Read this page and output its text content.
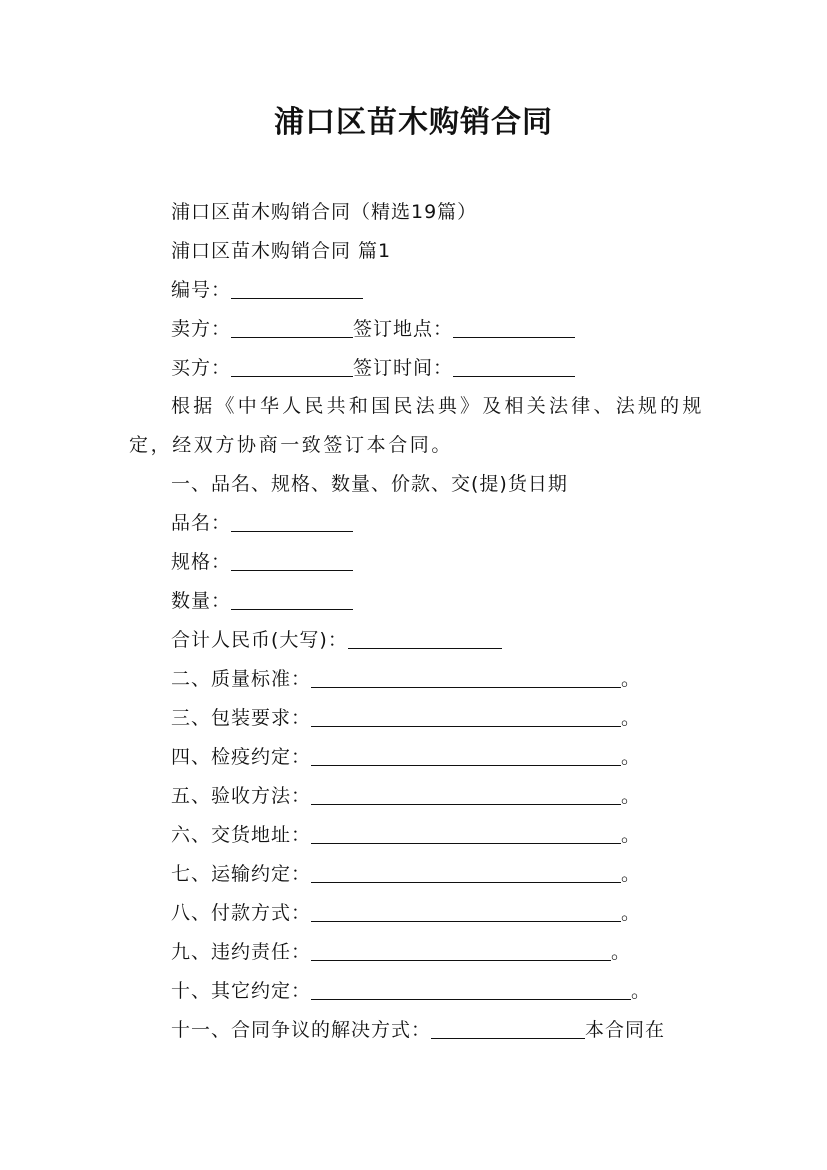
浦口区苗木购销合同
浦口区苗木购销合同（精选19篇）
浦口区苗木购销合同 篇1
编号：
卖方：	签订地点：
买方：	签订时间：
根据《中华人民共和国民法典》及相关法律、法规的规定，经双方协商一致签订本合同。
一、品名、规格、数量、价款、交(提)货日期
品名：
规格：
数量：
合计人民币(大写)：
二、质量标准：	。
三、包装要求：	。
四、检疫约定：	。
五、验收方法：	。
六、交货地址：	。
七、运输约定：	。
八、付款方式：	。
九、违约责任：	。
十、其它约定：	。
十一、合同争议的解决方式：	本合同在
